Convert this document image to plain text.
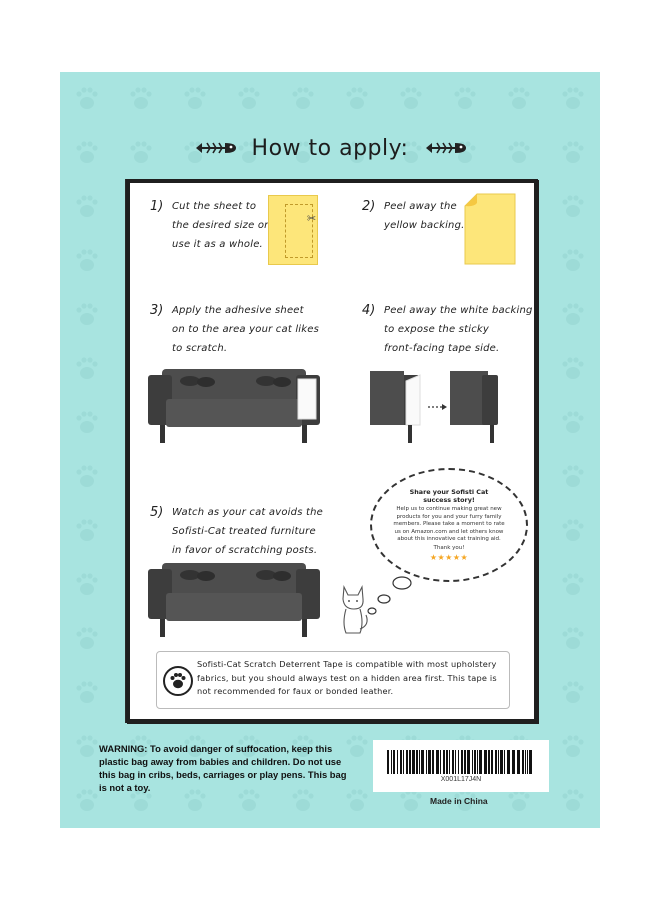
How to apply:
1) Cut the sheet to
the desired size or
use it as a whole.
✂
2) Peel away the
yellow backing.
3) Apply the adhesive sheet
on to the area your cat likes
to scratch.
4) Peel away the white backing
to expose the sticky
front-facing tape side.
Share your Sofisti Cat success story!
Help us to continue making great new products for you and your furry family members. Please take a moment to rate us on Amazon.com and let others know about this innovative cat training aid.
Thank you!
★★★★★
5) Watch as your cat avoids the
Sofisti-Cat treated furniture
in favor of scratching posts.
Sofisti-Cat Scratch Deterrent Tape is compatible with most upholstery fabrics, but you should always test on a hidden area first. This tape is not recommended for faux or bonded leather.
WARNING: To avoid danger of suffocation, keep this plastic bag away from babies and children. Do not use this bag in cribs, beds, carriages or play pens. This bag is not a toy.
X001L17J4N
Made in China
